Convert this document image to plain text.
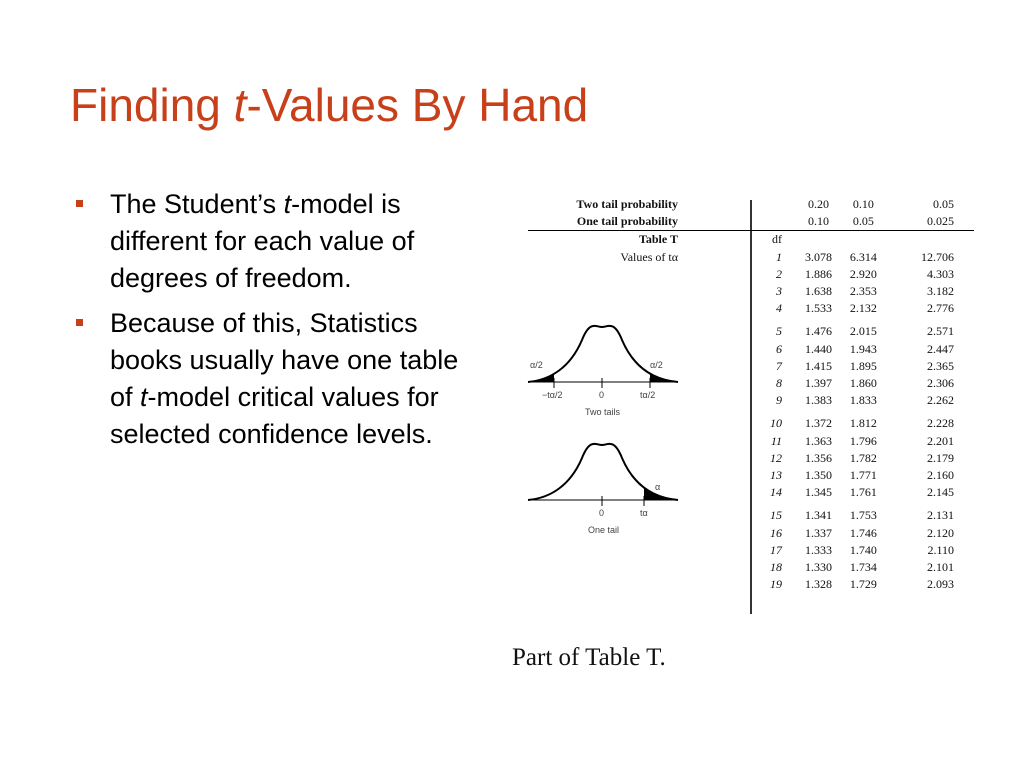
Finding t-Values By Hand
The Student’s t-model is different for each value of degrees of freedom.
Because of this, Statistics books usually have one table of t-model critical values for selected confidence levels.
α/2	α/2
−tα/2	0	tα/2
Two tails
α
0	tα
One tail
Two tail probability		0.20	0.10	0.05
One tail probability		0.10	0.05	0.025
Table T	df			
Values of tα	1	3.078	6.314	12.706
	2	1.886	2.920	4.303
	3	1.638	2.353	3.182
	4	1.533	2.132	2.776
	5	1.476	2.015	2.571
	6	1.440	1.943	2.447
	7	1.415	1.895	2.365
	8	1.397	1.860	2.306
	9	1.383	1.833	2.262
	10	1.372	1.812	2.228
	11	1.363	1.796	2.201
	12	1.356	1.782	2.179
	13	1.350	1.771	2.160
	14	1.345	1.761	2.145
	15	1.341	1.753	2.131
	16	1.337	1.746	2.120
	17	1.333	1.740	2.110
	18	1.330	1.734	2.101
	19	1.328	1.729	2.093
Part of Table T.
